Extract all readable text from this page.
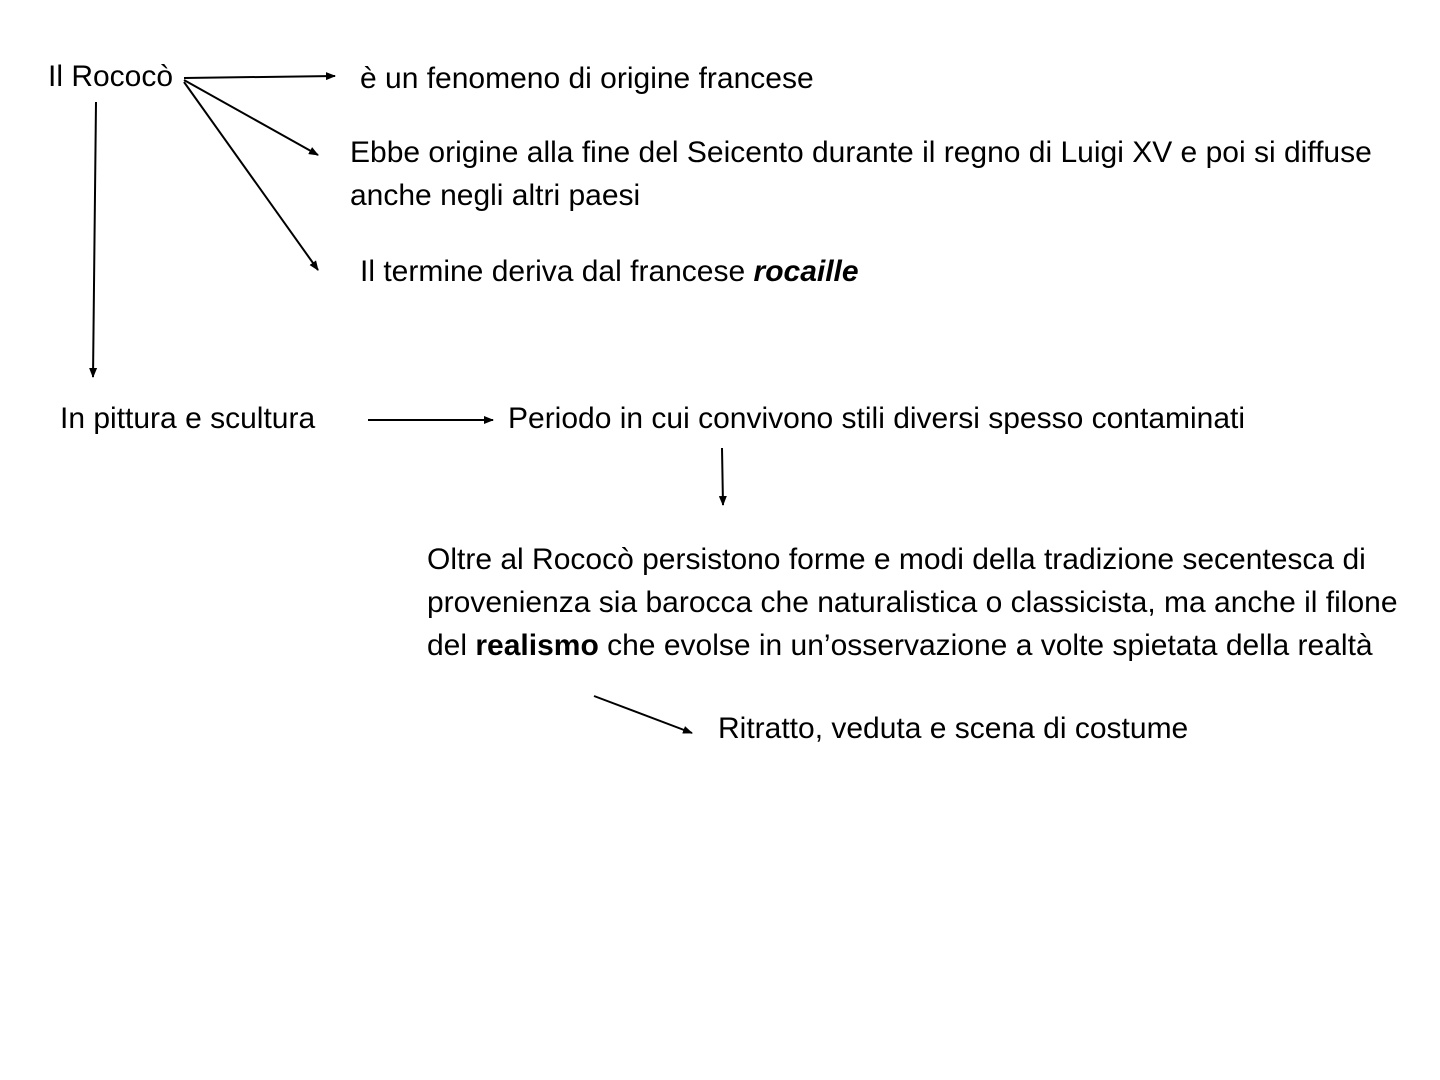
Il Rococò	è un fenomeno di origine francese
Ebbe origine alla fine del Seicento durante il regno di Luigi XV e poi si diffuse anche negli altri paesi
Il termine deriva dal francese rocaille
In pittura e scultura	Periodo in cui convivono stili diversi spesso contaminati
Oltre al Rococò persistono forme e modi della tradizione secentesca di provenienza sia barocca che naturalistica o classicista, ma anche il filone del realismo che evolse in un’osservazione a volte spietata della realtà
Ritratto, veduta e scena di costume
